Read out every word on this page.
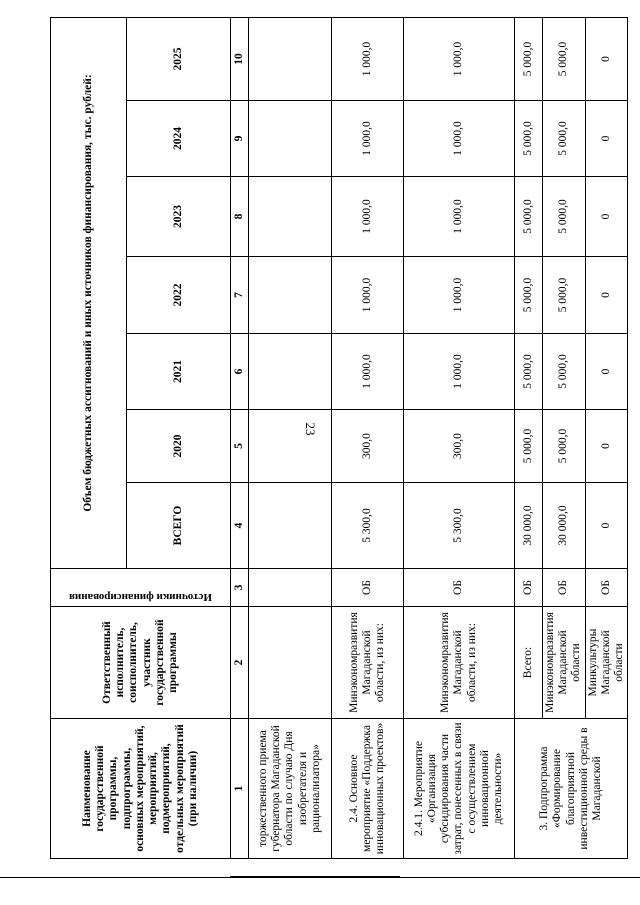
23
Наименование государственной программы, подпрограммы, основных мероприятий, мероприятий, подмероприятий, отдельных мероприятий (при наличии)	Ответственный исполнитель, соисполнитель, участник государственной программы	Источники финансирования	Объем бюджетных ассигнований и иных источников финансирования, тыс. рублей:						
			ВСЕГО	2020	2021	2022	2023	2024	2025
1	2	3	4	5	6	7	8	9	10
торжественного приема губернатора Магаданской области по случаю Дня изобретателя и рационализатора»									
2.4. Основное мероприятие «Поддержка инновационных проектов»	Минэкономразвития Магаданской области, из них:	ОБ	5 300,0	300,0	1 000,0	1 000,0	1 000,0	1 000,0	1 000,0
2.4.1. Мероприятие «Организация субсидирования части затрат, понесенных в связи с осуществлением инновационной деятельности»	Минэкономразвития Магаданской области, из них:	ОБ	5 300,0	300,0	1 000,0	1 000,0	1 000,0	1 000,0	1 000,0
3. Подпрограмма «Формирование благоприятной инвестиционной среды в Магаданской	Всего:	ОБ	30 000,0	5 000,0	5 000,0	5 000,0	5 000,0	5 000,0	5 000,0
	Минэкономразвития Магаданской области	ОБ	30 000,0	5 000,0	5 000,0	5 000,0	5 000,0	5 000,0	5 000,0
	Минкультуры Магаданской области	ОБ	0	0	0	0	0	0	0
